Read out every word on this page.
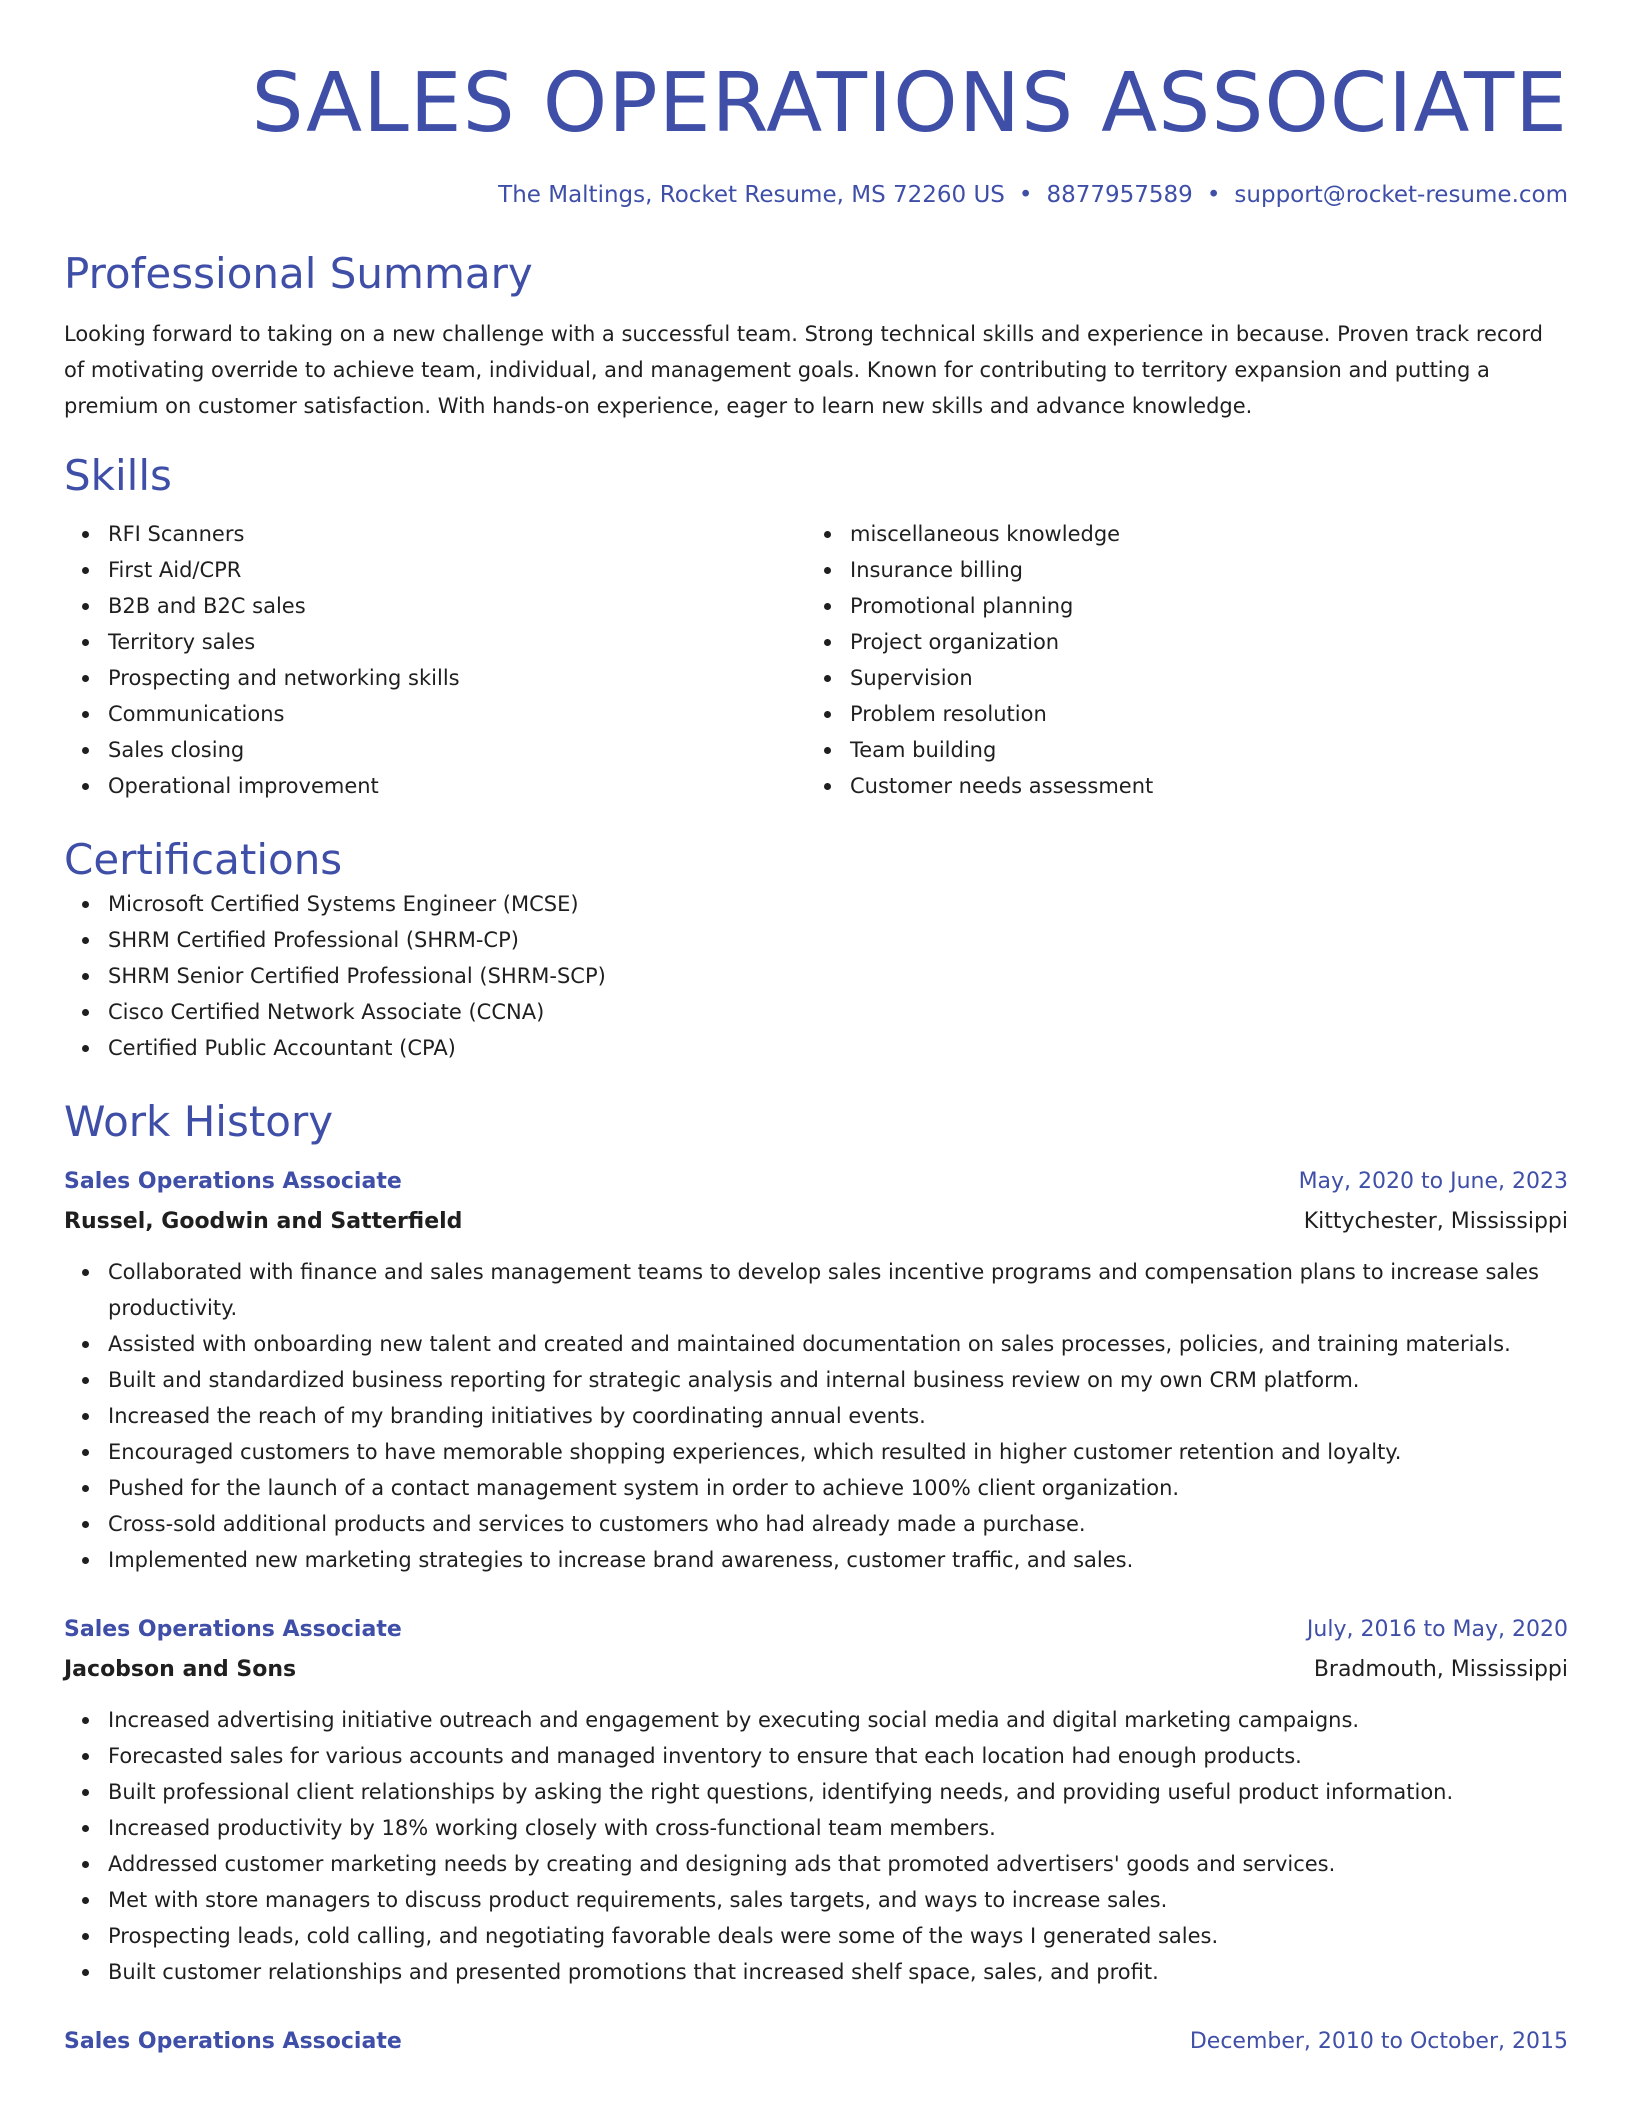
SALES OPERATIONS ASSOCIATE
The Maltings, Rocket Resume, MS 72260 US • 8877957589 • support@rocket-resume.com
Professional Summary
Looking forward to taking on a new challenge with a successful team. Strong technical skills and experience in because. Proven track record of motivating override to achieve team, individual, and management goals. Known for contributing to territory expansion and putting a premium on customer satisfaction. With hands-on experience, eager to learn new skills and advance knowledge.
Skills
RFI Scanners
First Aid/CPR
B2B and B2C sales
Territory sales
Prospecting and networking skills
Communications
Sales closing
Operational improvement
miscellaneous knowledge
Insurance billing
Promotional planning
Project organization
Supervision
Problem resolution
Team building
Customer needs assessment
Certifications
Microsoft Certified Systems Engineer (MCSE)
SHRM Certified Professional (SHRM-CP)
SHRM Senior Certified Professional (SHRM-SCP)
Cisco Certified Network Associate (CCNA)
Certified Public Accountant (CPA)
Work History
Sales Operations Associate	May, 2020 to June, 2023
Russel, Goodwin and Satterfield	Kittychester, Mississippi
Collaborated with finance and sales management teams to develop sales incentive programs and compensation plans to increase sales productivity.
Assisted with onboarding new talent and created and maintained documentation on sales processes, policies, and training materials.
Built and standardized business reporting for strategic analysis and internal business review on my own CRM platform.
Increased the reach of my branding initiatives by coordinating annual events.
Encouraged customers to have memorable shopping experiences, which resulted in higher customer retention and loyalty.
Pushed for the launch of a contact management system in order to achieve 100% client organization.
Cross-sold additional products and services to customers who had already made a purchase.
Implemented new marketing strategies to increase brand awareness, customer traffic, and sales.
Sales Operations Associate	July, 2016 to May, 2020
Jacobson and Sons	Bradmouth, Mississippi
Increased advertising initiative outreach and engagement by executing social media and digital marketing campaigns.
Forecasted sales for various accounts and managed inventory to ensure that each location had enough products.
Built professional client relationships by asking the right questions, identifying needs, and providing useful product information.
Increased productivity by 18% working closely with cross-functional team members.
Addressed customer marketing needs by creating and designing ads that promoted advertisers' goods and services.
Met with store managers to discuss product requirements, sales targets, and ways to increase sales.
Prospecting leads, cold calling, and negotiating favorable deals were some of the ways I generated sales.
Built customer relationships and presented promotions that increased shelf space, sales, and profit.
Sales Operations Associate	December, 2010 to October, 2015
